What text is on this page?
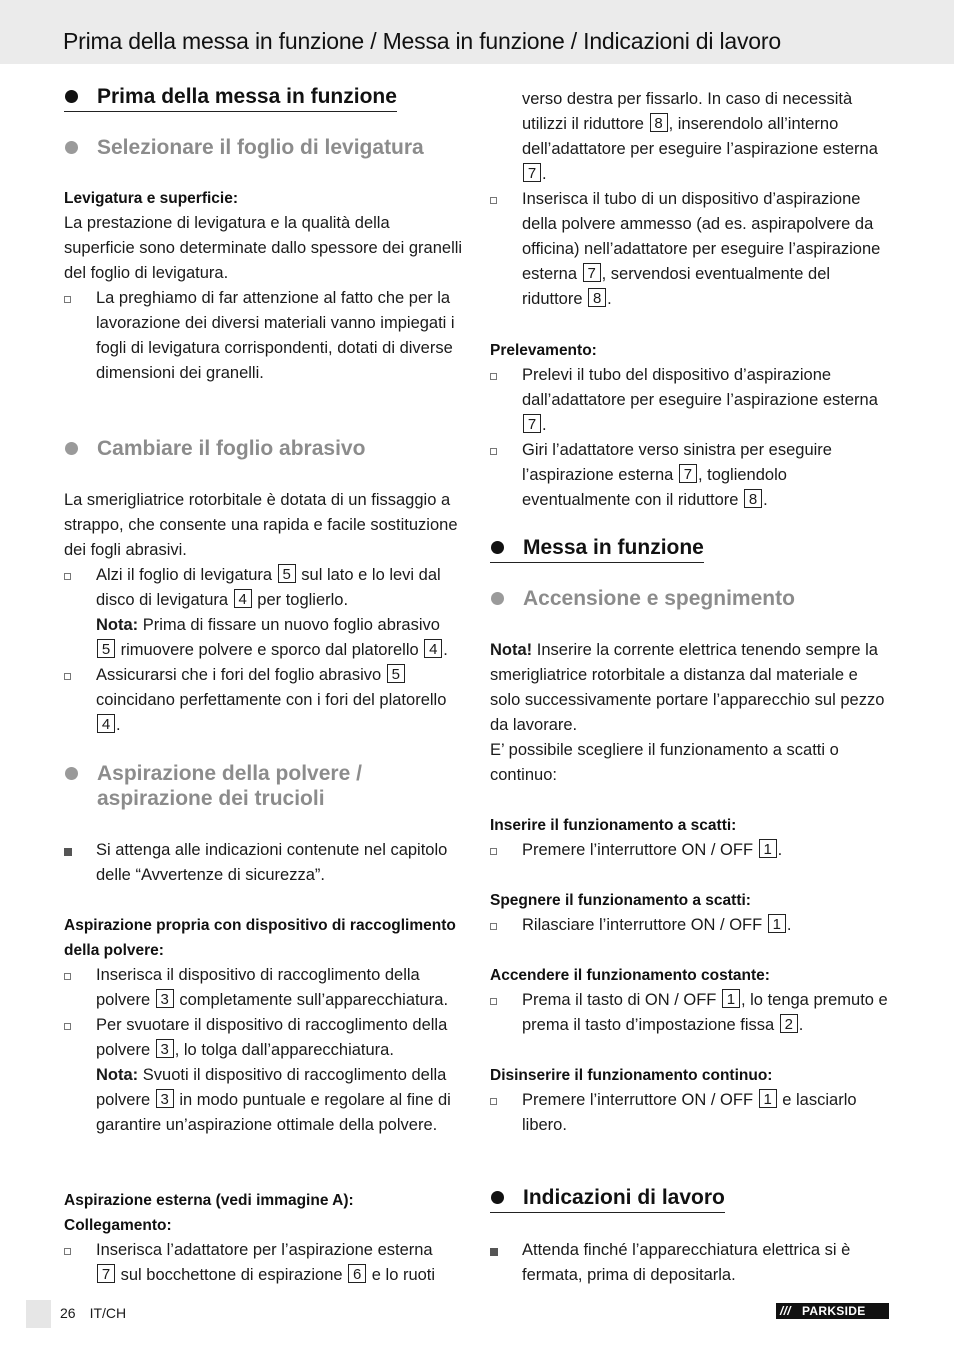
Prima della messa in funzione / Messa in funzione / Indicazioni di lavoro
Prima della messa in funzione
Selezionare il foglio di levigatura
Levigatura e superficie:
La prestazione di levigatura e la qualità della superficie sono determinate dallo spessore dei granelli del foglio di levigatura.
La preghiamo di far attenzione al fatto che per la lavorazione dei diversi materiali vanno impiegati i fogli di levigatura corrispondenti, dotati di diverse dimensioni dei granelli.
Cambiare il foglio abrasivo
La smerigliatrice rotorbitale è dotata di un fissaggio a strappo, che consente una rapida e facile sostituzione dei fogli abrasivi.
Alzi il foglio di levigatura 5 sul lato e lo levi dal disco di levigatura 4 per toglierlo.
Nota: Prima di fissare un nuovo foglio abrasivo 5 rimuovere polvere e sporco dal platorello 4 .
Assicurarsi che i fori del foglio abrasivo 5 coincidano perfettamente con i fori del platorello 4 .
Aspirazione della polvere /
aspirazione dei trucioli
Si attenga alle indicazioni contenute nel capitolo delle “Avvertenze di sicurezza”.
Aspirazione propria con dispositivo di raccoglimento della polvere:
Inserisca il dispositivo di raccoglimento della polvere 3 completamente sull’apparecchiatura.
Per svuotare il dispositivo di raccoglimento della polvere 3 , lo tolga dall’apparecchiatura.
Nota: Svuoti il dispositivo di raccoglimento della polvere 3 in modo puntuale e regolare al fine di garantire un’aspirazione ottimale della polvere.
Aspirazione esterna (vedi immagine A):
Collegamento:
Inserisca l’adattatore per l’aspirazione esterna
7 sul bocchettone di espirazione 6 e lo ruoti
verso destra per fissarlo. In caso di necessità utilizzi il riduttore 8 , inserendolo all’interno dell’adattatore per eseguire l’aspirazione esterna 7 .
Inserisca il tubo di un dispositivo d’aspirazione della polvere ammesso (ad es. aspirapolvere da officina) nell’adattatore per eseguire l’aspirazione esterna 7 , servendosi eventualmente del riduttore 8 .
Prelevamento:
Prelevi il tubo del dispositivo d’aspirazione dall’adattatore per eseguire l’aspirazione esterna 7 .
Giri l’adattatore verso sinistra per eseguire l’aspirazione esterna 7 , togliendolo eventualmente con il riduttore 8 .
Messa in funzione
Accensione e spegnimento
Nota! Inserire la corrente elettrica tenendo sempre la smerigliatrice rotorbitale a distanza dal materiale e solo successivamente portare l’apparecchio sul pezzo da lavorare.
E’ possibile scegliere il funzionamento a scatti o continuo:
Inserire il funzionamento a scatti:
Premere l’interruttore ON / OFF 1 .
Spegnere il funzionamento a scatti:
Rilasciare l’interruttore ON / OFF 1 .
Accendere il funzionamento costante:
Prema il tasto di ON / OFF 1 , lo tenga premuto e prema il tasto d’impostazione fissa 2 .
Disinserire il funzionamento continuo:
Premere l’interruttore ON / OFF 1 e lasciarlo libero.
Indicazioni di lavoro
Attenda finché l’apparecchiatura elettrica si è fermata, prima di depositarla.
26 IT/CH	/// PARKSIDE
